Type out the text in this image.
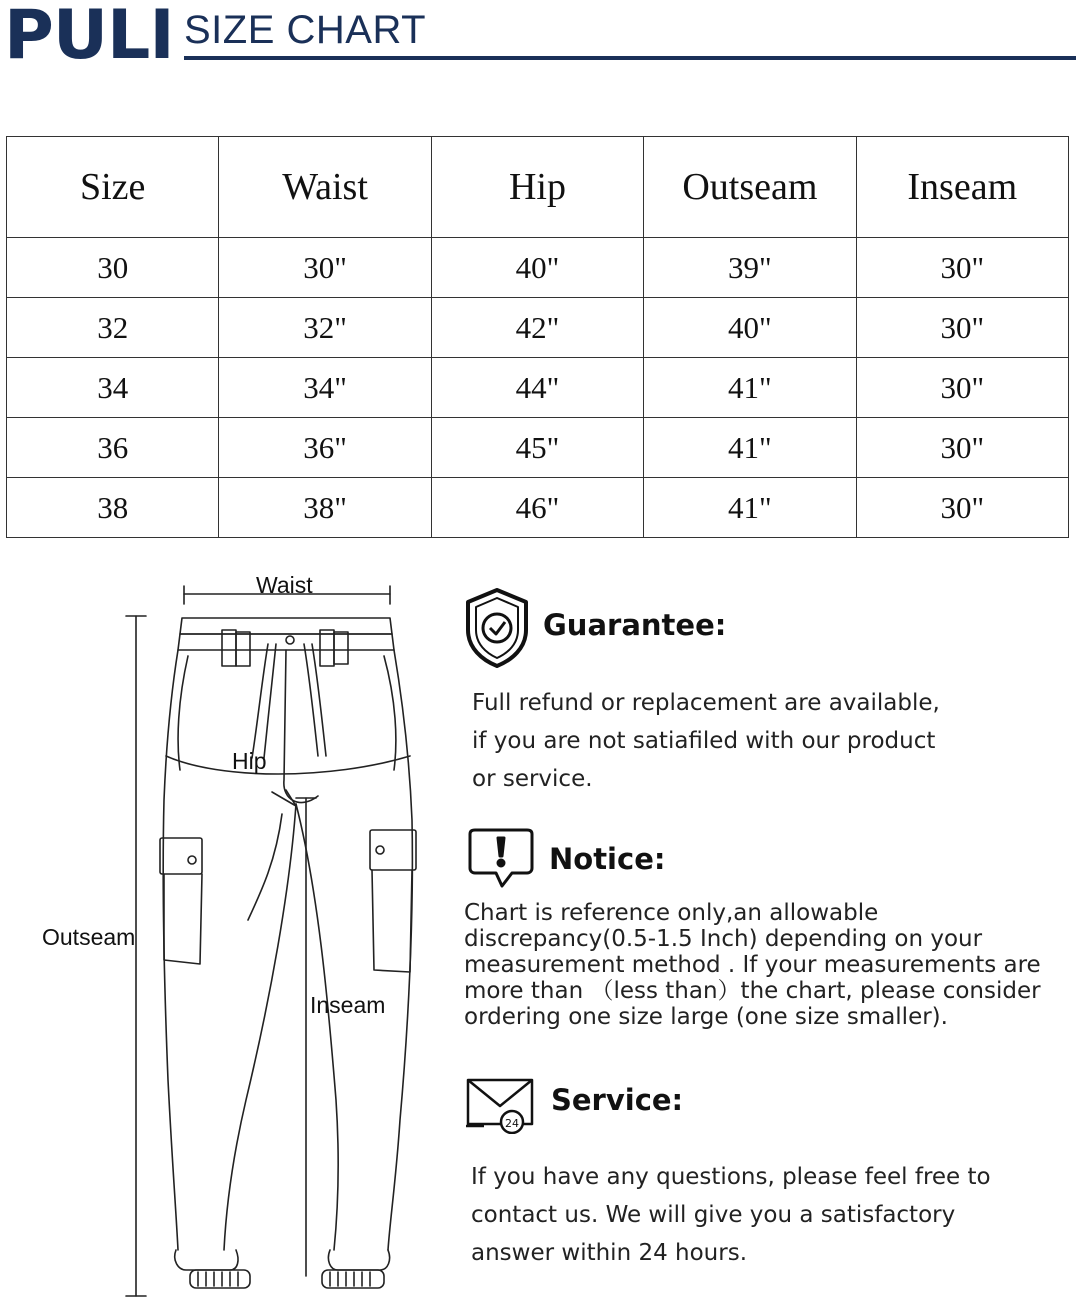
PULI SIZE CHART
Size	Waist	Hip	Outseam	Inseam
30	30"	40"	39"	30"
32	32"	42"	40"	30"
34	34"	44"	41"	30"
36	36"	45"	41"	30"
38	38"	46"	41"	30"
Waist
Hip
Outseam
Inseam
Guarantee:
Full refund or replacement are available,
if you are not satiafiled with our product
or service.
Notice:
Chart is reference only,an allowable
discrepancy(0.5-1.5 Inch) depending on your
measurement method . If your measurements are
more than （less than）the chart, please consider
ordering one size large (one size smaller).
24
Service:
If you have any questions, please feel free to
contact us. We will give you a satisfactory
answer within 24 hours.
